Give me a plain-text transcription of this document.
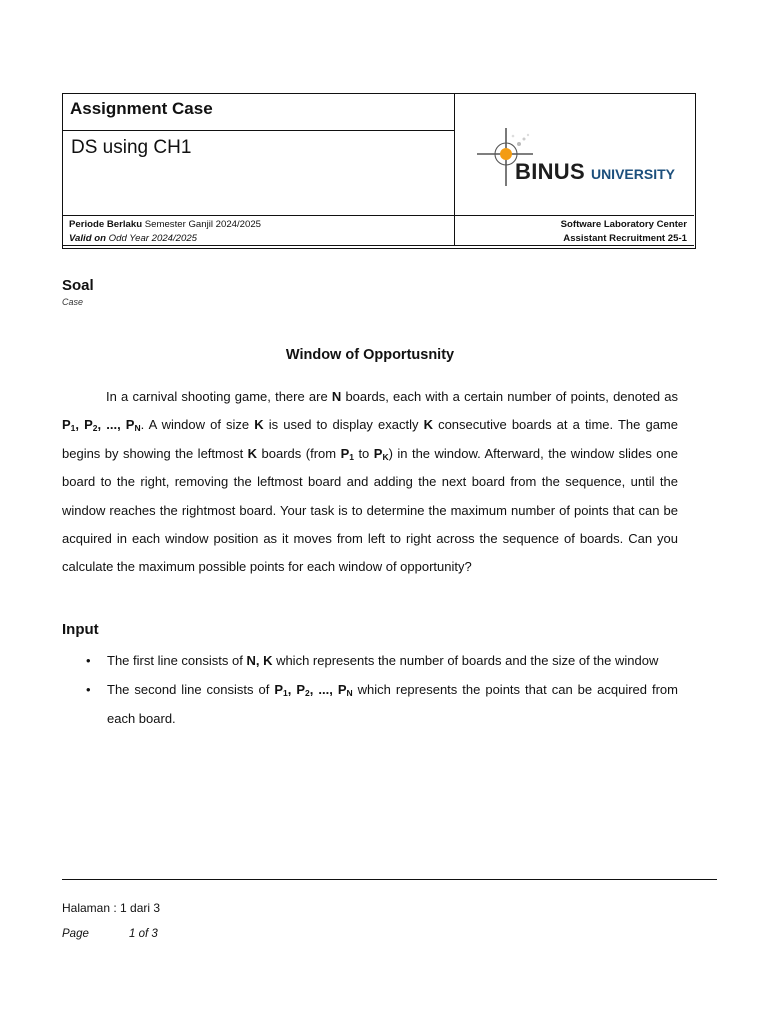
Assignment Case
DS using CH1
BINUS UNIVERSITY
Periode Berlaku Semester Ganjil 2024/2025
Valid on Odd Year 2024/2025
Software Laboratory Center
Assistant Recruitment 25-1
Soal
Case
Window of Opportusnity
In a carnival shooting game, there are N boards, each with a certain number of points, denoted as $P_1$, $P_2$, ..., $P_N$. A window of size K is used to display exactly K consecutive boards at a time. The game begins by showing the leftmost K boards (from $P_1$ to $P_K$) in the window. Afterward, the window slides one board to the right, removing the leftmost board and adding the next board from the sequence, until the window reaches the rightmost board. Your task is to determine the maximum number of points that can be acquired in each window position as it moves from left to right across the sequence of boards. Can you calculate the maximum possible points for each window of opportunity?
Input
• The first line consists of N, K which represents the number of boards and the size of the window
• The second line consists of $P_1$, $P_2$, ..., $P_N$ which represents the points that can be acquired from each board.
Halaman : 1 dari 3
Page	1 of 3
